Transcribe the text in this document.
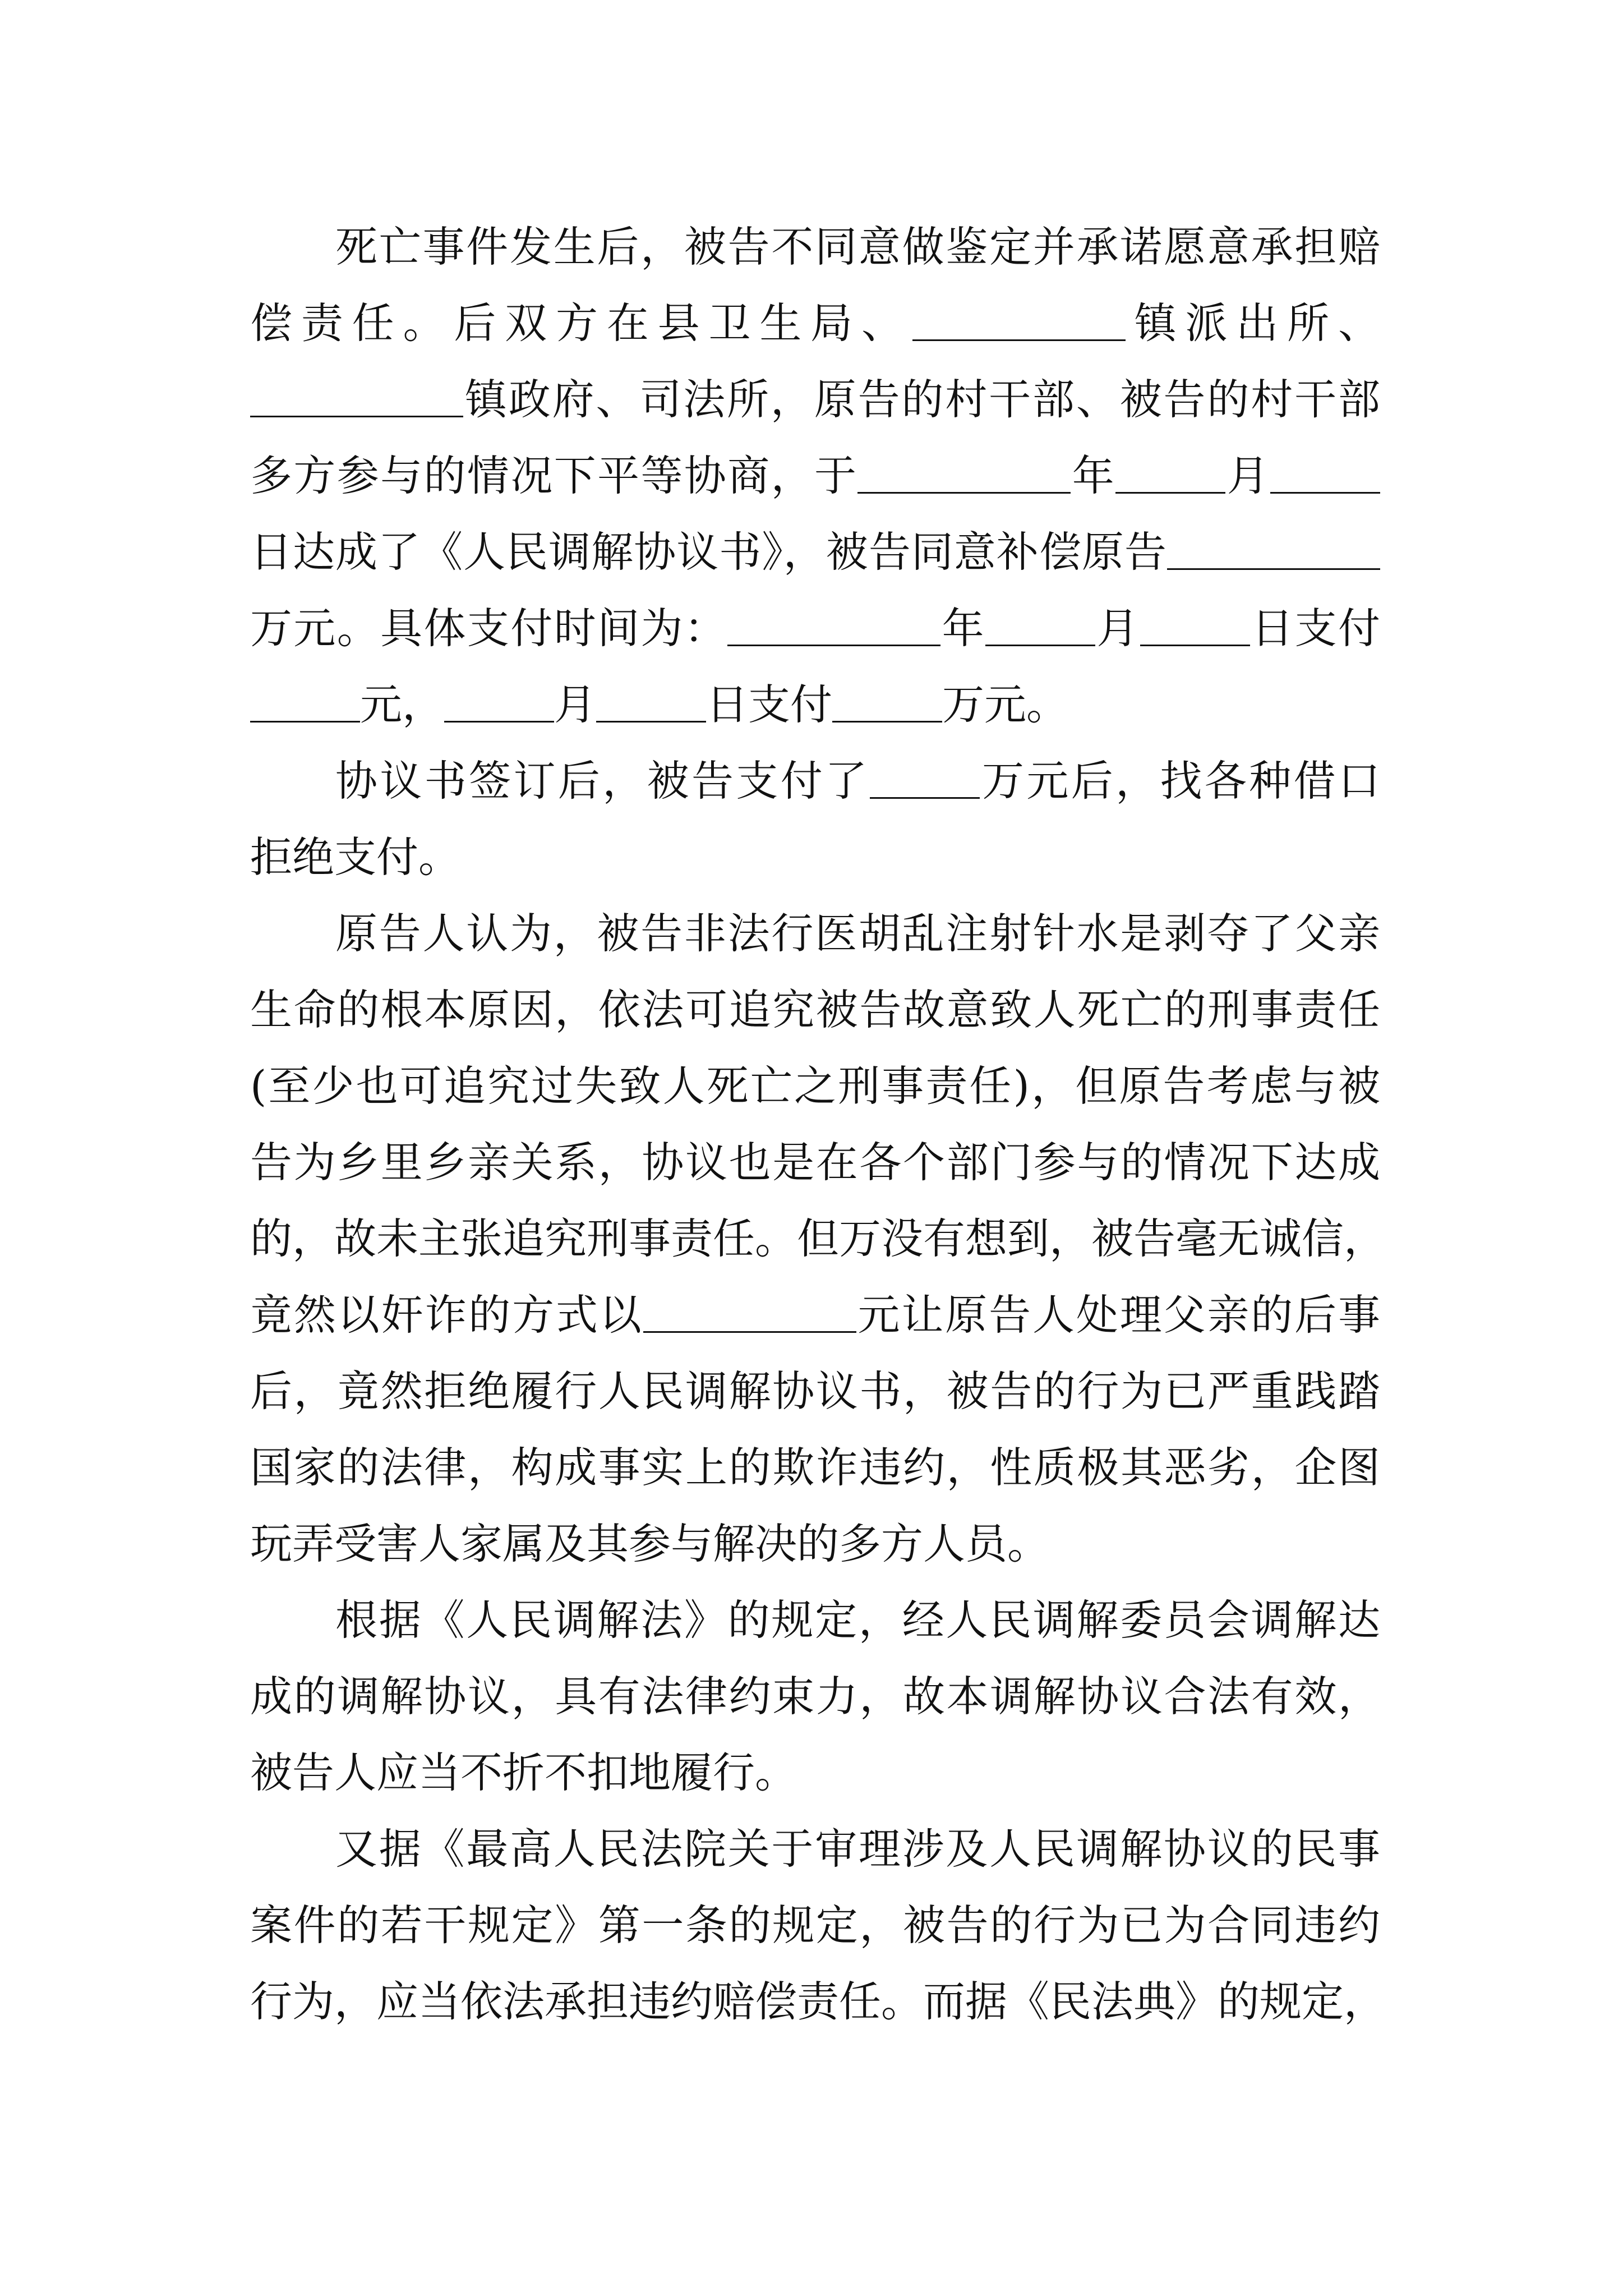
死亡事件发生后，被告不同意做鉴定并承诺愿意承担赔
偿责任。后双方在县卫生局、	镇派出所、
镇政府、司法所，原告的村干部、被告的村干部
多方参与的情况下平等协商，于	年	月
日达成了《人民调解协议书》，被告同意补偿原告
万元。具体支付时间为：	年	月	日支付
元，	月	日支付	万元。
协议书签订后，被告支付了	万元后，找各种借口
拒绝支付。
原告人认为，被告非法行医胡乱注射针水是剥夺了父亲
生命的根本原因，依法可追究被告故意致人死亡的刑事责任
(至少也可追究过失致人死亡之刑事责任)，但原告考虑与被
告为乡里乡亲关系，协议也是在各个部门参与的情况下达成
的，故未主张追究刑事责任。但万没有想到，被告毫无诚信，
竟然以奸诈的方式以	元让原告人处理父亲的后事
后，竟然拒绝履行人民调解协议书，被告的行为已严重践踏
国家的法律，构成事实上的欺诈违约，性质极其恶劣，企图
玩弄受害人家属及其参与解决的多方人员。
根据《人民调解法》的规定，经人民调解委员会调解达
成的调解协议，具有法律约束力，故本调解协议合法有效，
被告人应当不折不扣地履行。
又据《最高人民法院关于审理涉及人民调解协议的民事
案件的若干规定》第一条的规定，被告的行为已为合同违约
行为，应当依法承担违约赔偿责任。而据《民法典》的规定，
